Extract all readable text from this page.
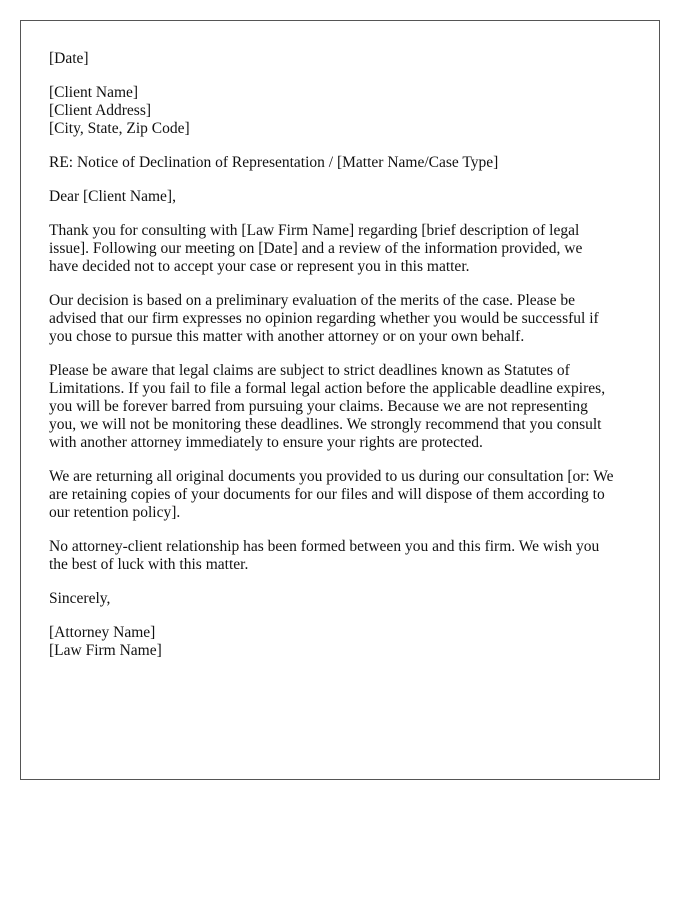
[Date]
[Client Name]
[Client Address]
[City, State, Zip Code]
RE: Notice of Declination of Representation / [Matter Name/Case Type]
Dear [Client Name],

Thank you for consulting with [Law Firm Name] regarding [brief description of legal
issue]. Following our meeting on [Date] and a review of the information provided, we
have decided not to accept your case or represent you in this matter.

Our decision is based on a preliminary evaluation of the merits of the case. Please be
advised that our firm expresses no opinion regarding whether you would be successful if
you chose to pursue this matter with another attorney or on your own behalf.

Please be aware that legal claims are subject to strict deadlines known as Statutes of
Limitations. If you fail to file a formal legal action before the applicable deadline expires,
you will be forever barred from pursuing your claims. Because we are not representing
you, we will not be monitoring these deadlines. We strongly recommend that you consult
with another attorney immediately to ensure your rights are protected.

We are returning all original documents you provided to us during our consultation [or: We
are retaining copies of your documents for our files and will dispose of them according to
our retention policy].

No attorney-client relationship has been formed between you and this firm. We wish you
the best of luck with this matter.

Sincerely,
[Attorney Name]
[Law Firm Name]
